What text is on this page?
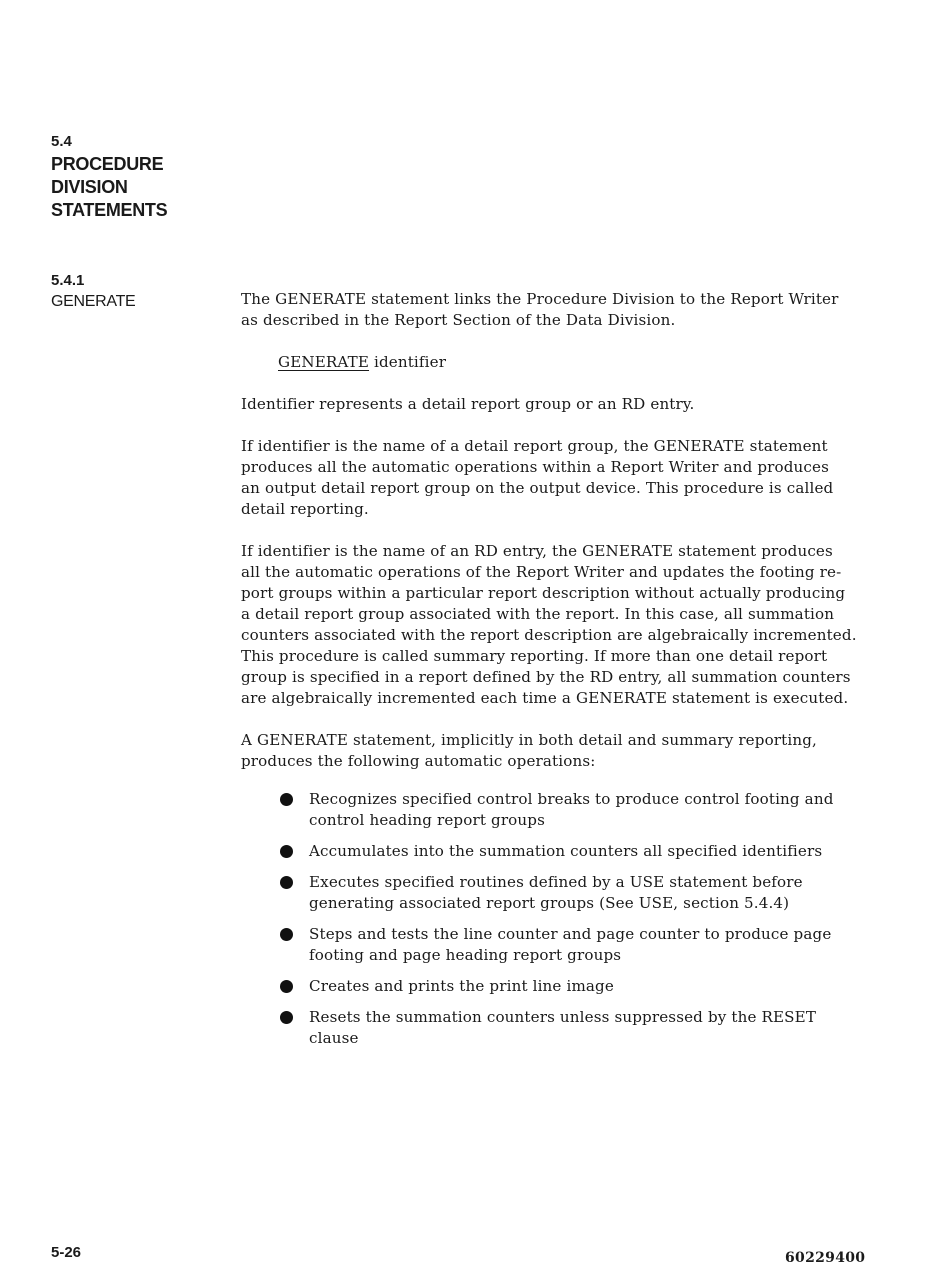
5.4
PROCEDURE
DIVISION
STATEMENTS
5.4.1
GENERATE	The GENERATE statement links the Procedure Division to the Report Writer
as described in the Report Section of the Data Division.

GENERATE identifier

Identifier represents a detail report group or an RD entry.

If identifier is the name of a detail report group, the GENERATE statement
produces all the automatic operations within a Report Writer and produces
an output detail report group on the output device. This procedure is called
detail reporting.

If identifier is the name of an RD entry, the GENERATE statement produces
all the automatic operations of the Report Writer and updates the footing re-
port groups within a particular report description without actually producing
a detail report group associated with the report. In this case, all summation
counters associated with the report description are algebraically incremented.
This procedure is called summary reporting. If more than one detail report
group is specified in a report defined by the RD entry, all summation counters
are algebraically incremented each time a GENERATE statement is executed.

A GENERATE statement, implicitly in both detail and summary reporting,
produces the following automatic operations:

Recognizes specified control breaks to produce control footing and
control heading report groups
Accumulates into the summation counters all specified identifiers
Executes specified routines defined by a USE statement before
generating associated report groups (See USE, section 5.4.4)
Steps and tests the line counter and page counter to produce page
footing and page heading report groups
Creates and prints the print line image
Resets the summation counters unless suppressed by the RESET
clause
5-26	60229400
